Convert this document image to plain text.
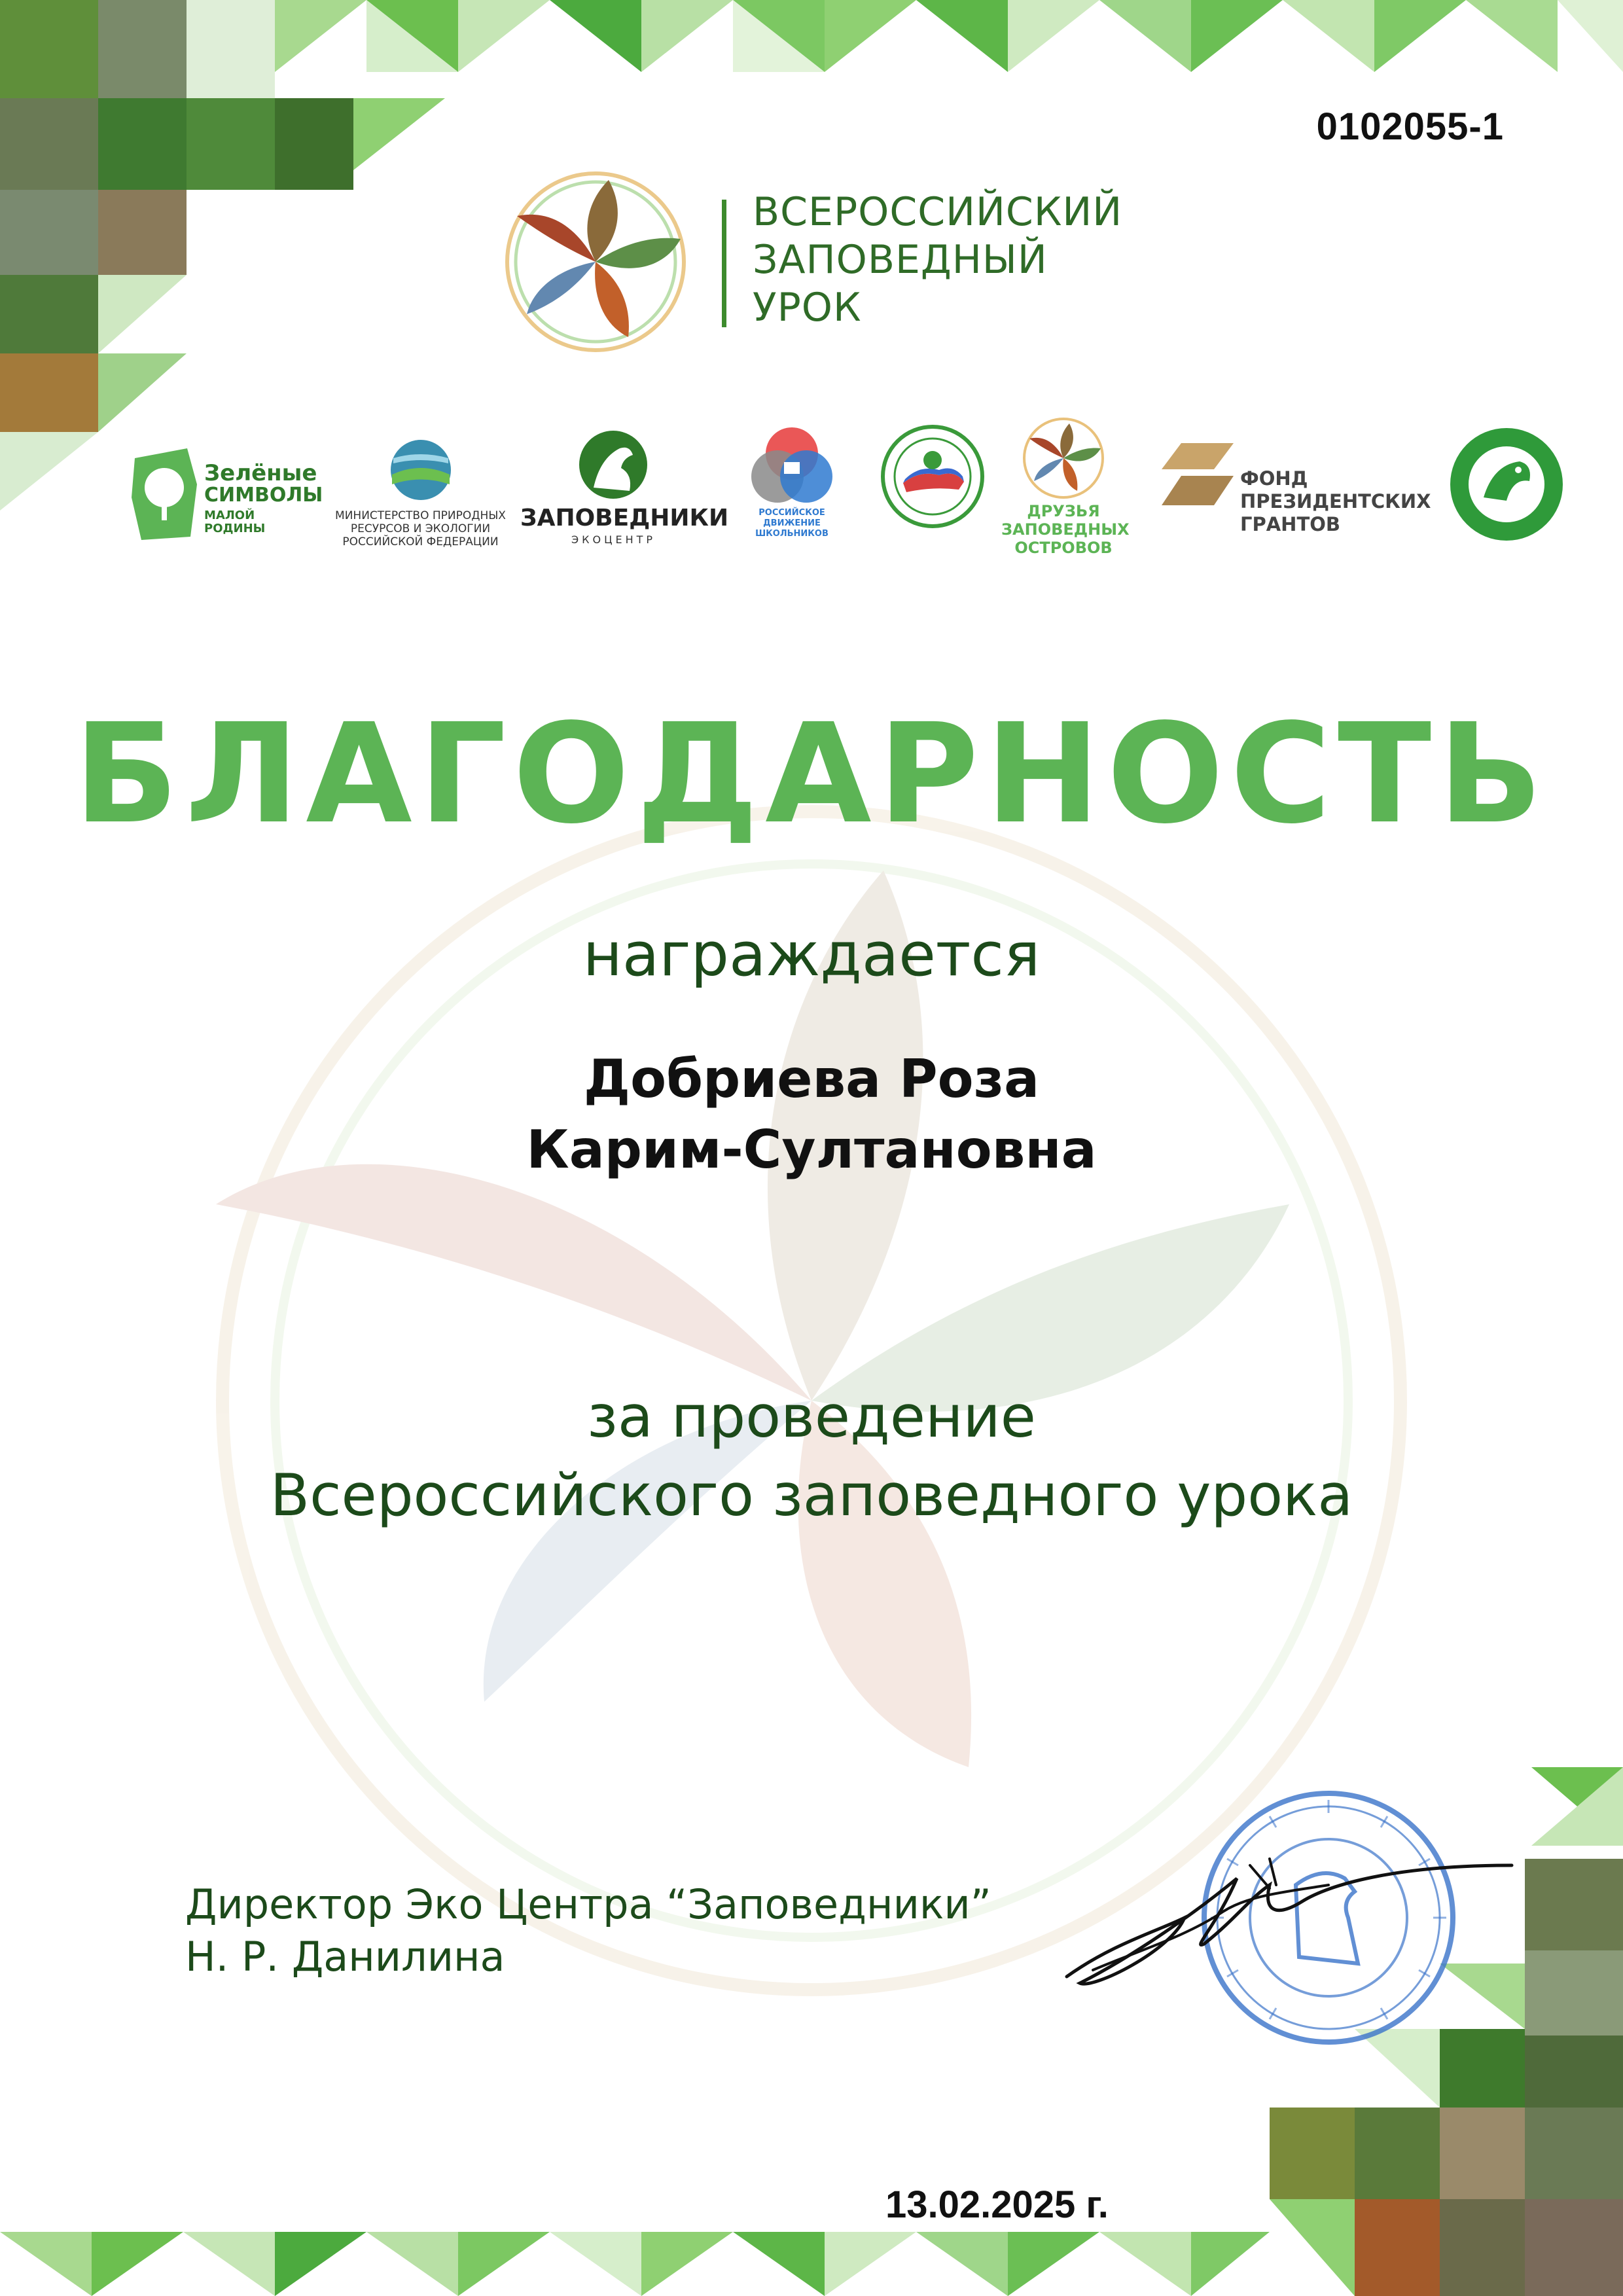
0102055-1
ВСЕРОССИЙСКИЙ
ЗАПОВЕДНЫЙ
УРОК
Зелёные
СИМВОЛЫ
МАЛОЙ РОДИНЫ
МИНИСТЕРСТВО ПРИРОДНЫХ
РЕСУРСОВ И ЭКОЛОГИИ
РОССИЙСКОЙ ФЕДЕРАЦИИ
ЗАПОВЕДНИКИ
ЭКОЦЕНТР
РОССИЙСКОЕ
ДВИЖЕНИЕ ШКОЛЬНИКОВ
ДРУЗЬЯ
ЗАПОВЕДНЫХ
ОСТРОВОВ
ФОНД
ПРЕЗИДЕНТСКИХ
ГРАНТОВ
БЛАГОДАРНОСТЬ
награждается
Добриева Роза
Карим-Султановна
за проведение
Всероссийского заповедного урока
Директор Эко Центра “Заповедники”
Н. Р. Данилина
13.02.2025 г.
